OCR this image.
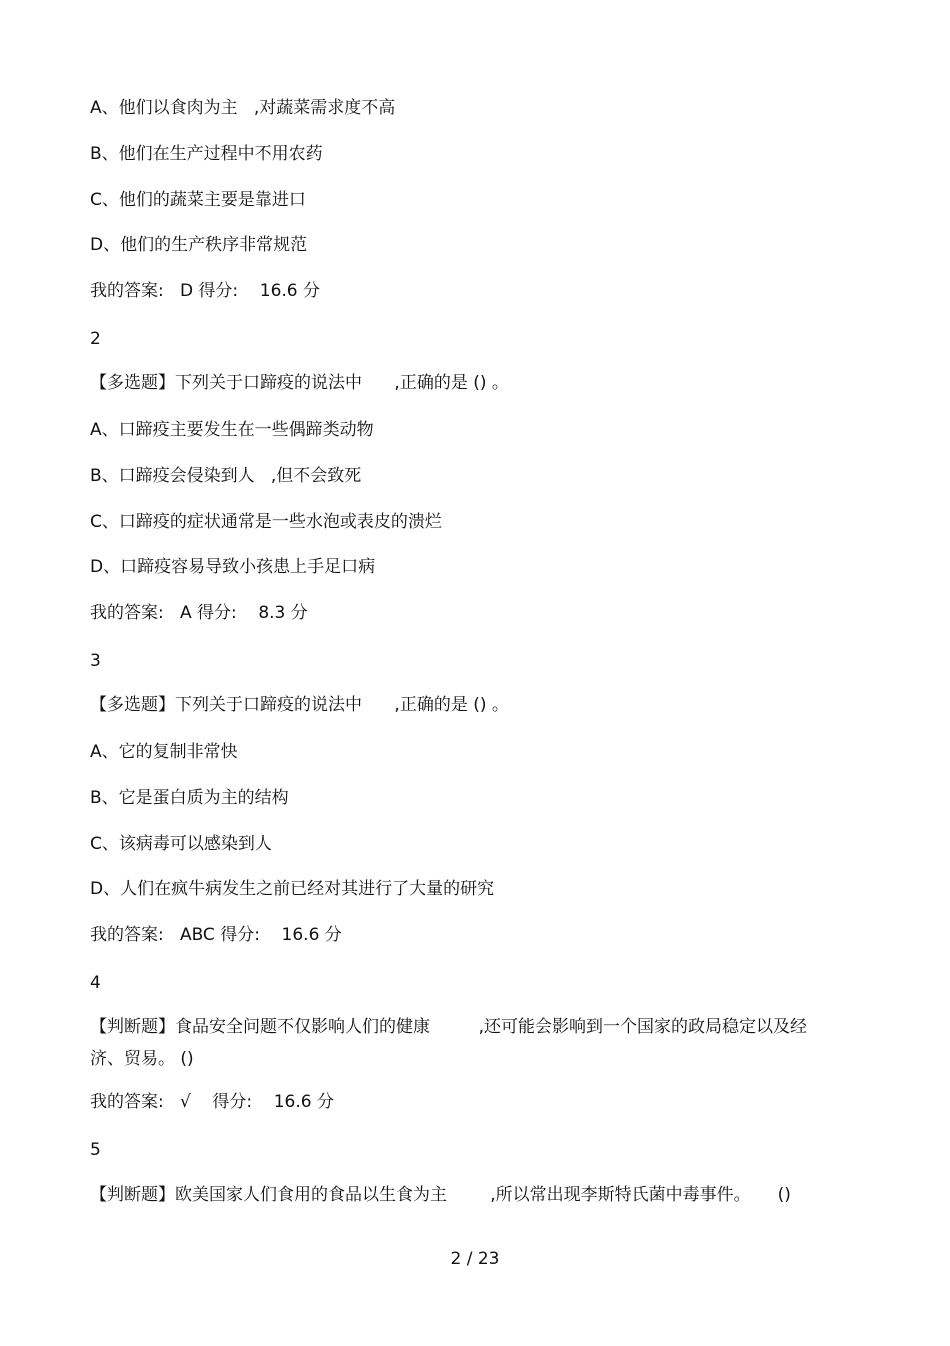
A、他们以食肉为主   ,对蔬菜需求度不高
B、他们在生产过程中不用农药
C、他们的蔬菜主要是靠进口
D、他们的生产秩序非常规范
我的答案:   D 得分:    16.6 分
2
【多选题】下列关于口蹄疫的说法中      ,正确的是 () 。
A、口蹄疫主要发生在一些偶蹄类动物
B、口蹄疫会侵染到人   ,但不会致死
C、口蹄疫的症状通常是一些水泡或表皮的溃烂
D、口蹄疫容易导致小孩患上手足口病
我的答案:   A 得分:    8.3 分
3
【多选题】下列关于口蹄疫的说法中      ,正确的是 () 。
A、它的复制非常快
B、它是蛋白质为主的结构
C、该病毒可以感染到人
D、人们在疯牛病发生之前已经对其进行了大量的研究
我的答案:   ABC 得分:    16.6 分
4
【判断题】食品安全问题不仅影响人们的健康         ,还可能会影响到一个国家的政局稳定以及经济、贸易。 ()
我的答案:   √    得分:    16.6 分
5
【判断题】欧美国家人们食用的食品以生食为主        ,所以常出现李斯特氏菌中毒事件。     ()
2 / 23
